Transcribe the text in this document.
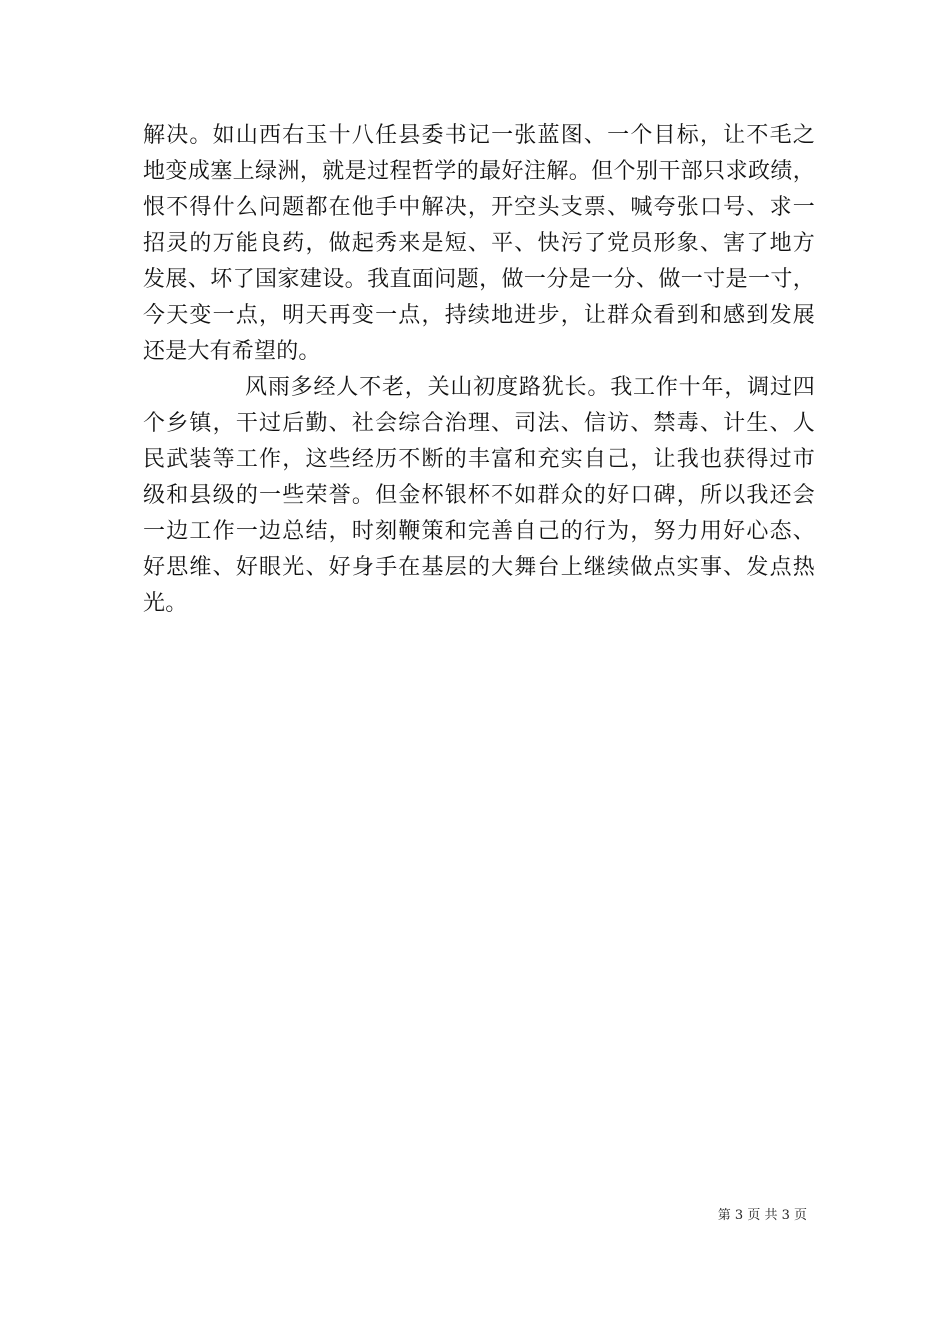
解决。如山西右玉十八任县委书记一张蓝图、一个目标，让不毛之
地变成塞上绿洲，就是过程哲学的最好注解。但个别干部只求政绩，
恨不得什么问题都在他手中解决，开空头支票、喊夸张口号、求一
招灵的万能良药，做起秀来是短、平、快污了党员形象、害了地方
发展、坏了国家建设。我直面问题，做一分是一分、做一寸是一寸，
今天变一点，明天再变一点，持续地进步，让群众看到和感到发展
还是大有希望的。
风雨多经人不老，关山初度路犹长。我工作十年，调过四
个乡镇，干过后勤、社会综合治理、司法、信访、禁毒、计生、人
民武装等工作，这些经历不断的丰富和充实自己，让我也获得过市
级和县级的一些荣誉。但金杯银杯不如群众的好口碑，所以我还会
一边工作一边总结，时刻鞭策和完善自己的行为，努力用好心态、
好思维、好眼光、好身手在基层的大舞台上继续做点实事、发点热
光。
第 3 页 共 3 页
